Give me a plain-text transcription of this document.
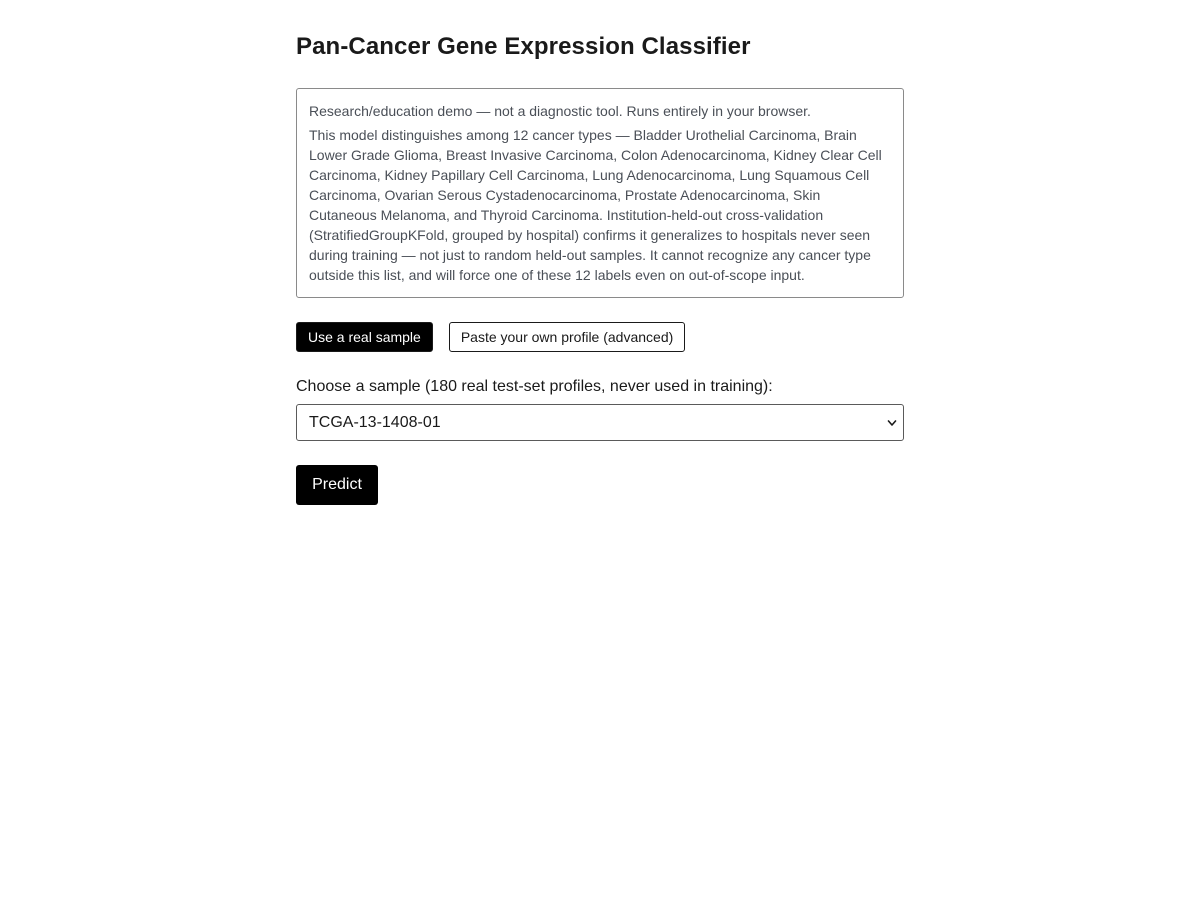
Pan-Cancer Gene Expression Classifier

Research/education demo — not a diagnostic tool. Runs entirely in your browser.

This model distinguishes among 12 cancer types — Bladder Urothelial Carcinoma, Brain Lower Grade Glioma, Breast Invasive Carcinoma, Colon Adenocarcinoma, Kidney Clear Cell Carcinoma, Kidney Papillary Cell Carcinoma, Lung Adenocarcinoma, Lung Squamous Cell Carcinoma, Ovarian Serous Cystadenocarcinoma, Prostate Adenocarcinoma, Skin Cutaneous Melanoma, and Thyroid Carcinoma. Institution-held-out cross-validation (StratifiedGroupKFold, grouped by hospital) confirms it generalizes to hospitals never seen during training — not just to random held-out samples. It cannot recognize any cancer type outside this list, and will force one of these 12 labels even on out-of-scope input.

Use a real sample	Paste your own profile (advanced)
Choose a sample (180 real test-set profiles, never used in training):
TCGA-13-1408-01
Predict
